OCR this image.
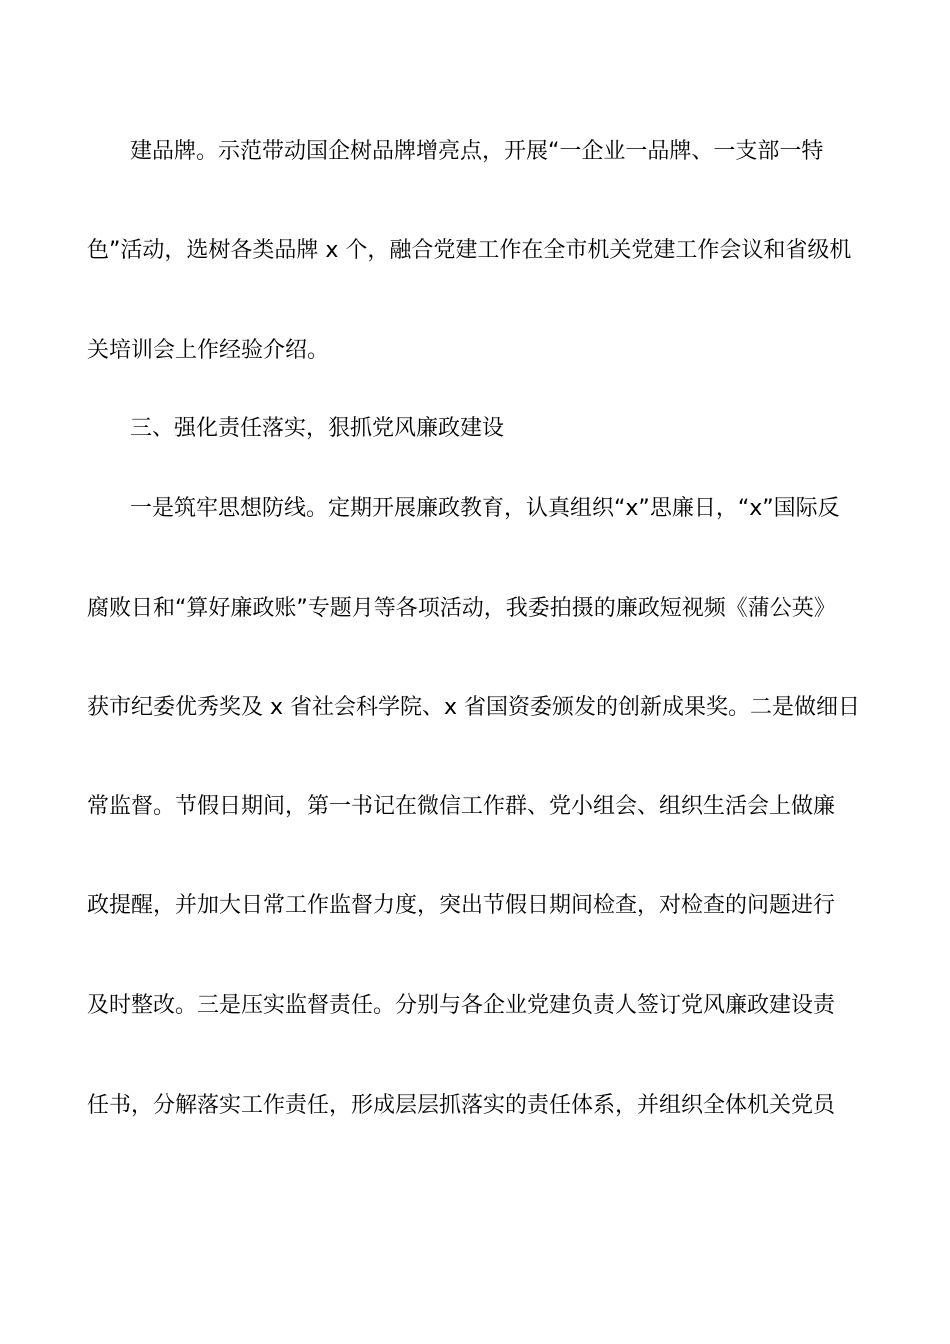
建品牌。示范带动国企树品牌增亮点，开展“一企业一品牌、一支部一特
色”活动，选树各类品牌 x 个，融合党建工作在全市机关党建工作会议和省级机
关培训会上作经验介绍。
三、强化责任落实，狠抓党风廉政建设
一是筑牢思想防线。定期开展廉政教育，认真组织“x”思廉日，“x”国际反
腐败日和“算好廉政账”专题月等各项活动，我委拍摄的廉政短视频《蒲公英》
获市纪委优秀奖及 x 省社会科学院、x 省国资委颁发的创新成果奖。二是做细日
常监督。节假日期间，第一书记在微信工作群、党小组会、组织生活会上做廉
政提醒，并加大日常工作监督力度，突出节假日期间检查，对检查的问题进行
及时整改。三是压实监督责任。分别与各企业党建负责人签订党风廉政建设责
任书，分解落实工作责任，形成层层抓落实的责任体系，并组织全体机关党员
